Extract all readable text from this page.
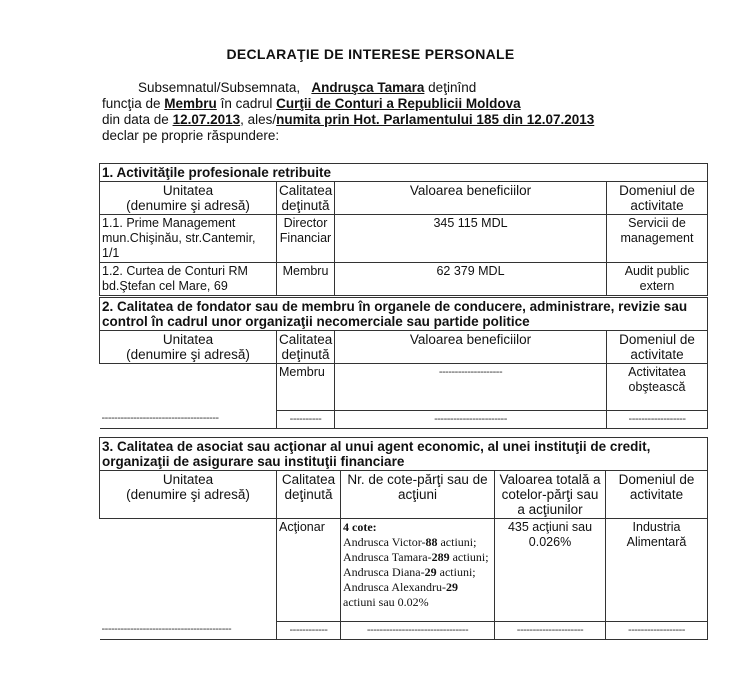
DECLARAŢIE DE INTERESE PERSONALE
Subsemnatul/Subsemnata, Andruşca Tamara deţinînd
funcţia de Membru în cadrul Curţii de Conturi a Republicii Moldova
din data de 12.07.2013, ales/numita prin Hot. Parlamentului 185 din 12.07.2013
declar pe proprie răspundere:
1. Activităţile profesionale retribuite			
Unitatea
(denumire şi adresă)	Calitatea deţinută	Valoarea beneficiilor	Domeniul de activitate
1.1. Prime Management mun.Chişinău, str.Cantemir, 1/1	Director Financiar	345 115 MDL	Servicii de management
1.2. Curtea de Conturi RM bd.Ştefan cel Mare, 69	Membru	62 379 MDL	Audit public extern
2. Calitatea de fondator sau de membru în organele de conducere, administrare, revizie sau control în cadrul unor organizaţii necomerciale sau partide politice			
Unitatea
(denumire şi adresă)	Calitatea deţinută	Valoarea beneficiilor	Domeniul de activitate
	Membru	--------------------	Activitatea obştească
-------------------------------------	----------	-----------------------	------------------
3. Calitatea de asociat sau acţionar al unui agent economic, al unei instituţii de credit, organizaţii de asigurare sau instituţii financiare				
Unitatea
(denumire şi adresă)	Calitatea deţinută	Nr. de cote-părţi sau de acţiuni	Valoarea totală a cotelor-părţi sau a acţiunilor	Domeniul de activitate
	Acţionar	4 cote:
Andrusca Victor-88 actiuni; Andrusca Tamara-289 actiuni; Andrusca Diana-29 actiuni; Andrusca Alexandru-29 actiuni sau 0.02%	435 acţiuni sau 0.026%	Industria Alimentară
-----------------------------------------	------------	--------------------------------	---------------------	------------------
